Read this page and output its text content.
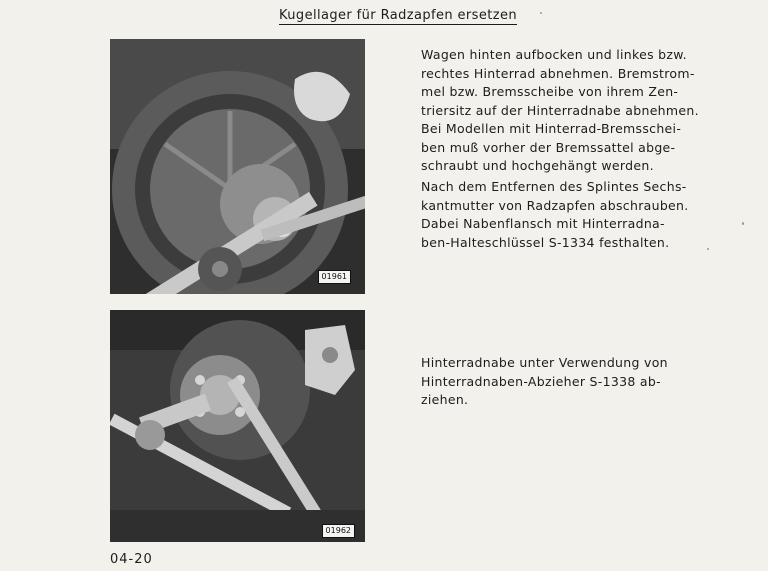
Kugellager für Radzapfen ersetzen
01961
01962
Wagen hinten aufbocken und linkes bzw.
rechtes Hinterrad abnehmen. Bremstrom-
mel bzw. Bremsscheibe von ihrem Zen-
triersitz auf der Hinterradnabe abnehmen.
Bei Modellen mit Hinterrad-Bremsschei-
ben muß vorher der Bremssattel abge-
schraubt und hochgehängt werden.
Nach dem Entfernen des Splintes Sechs-
kantmutter von Radzapfen abschrauben.
Dabei Nabenflansch mit Hinterradna-
ben-Halteschlüssel S-1334 festhalten.
Hinterradnabe unter Verwendung von
Hinterradnaben-Abzieher S-1338 ab-
ziehen.
04-20
